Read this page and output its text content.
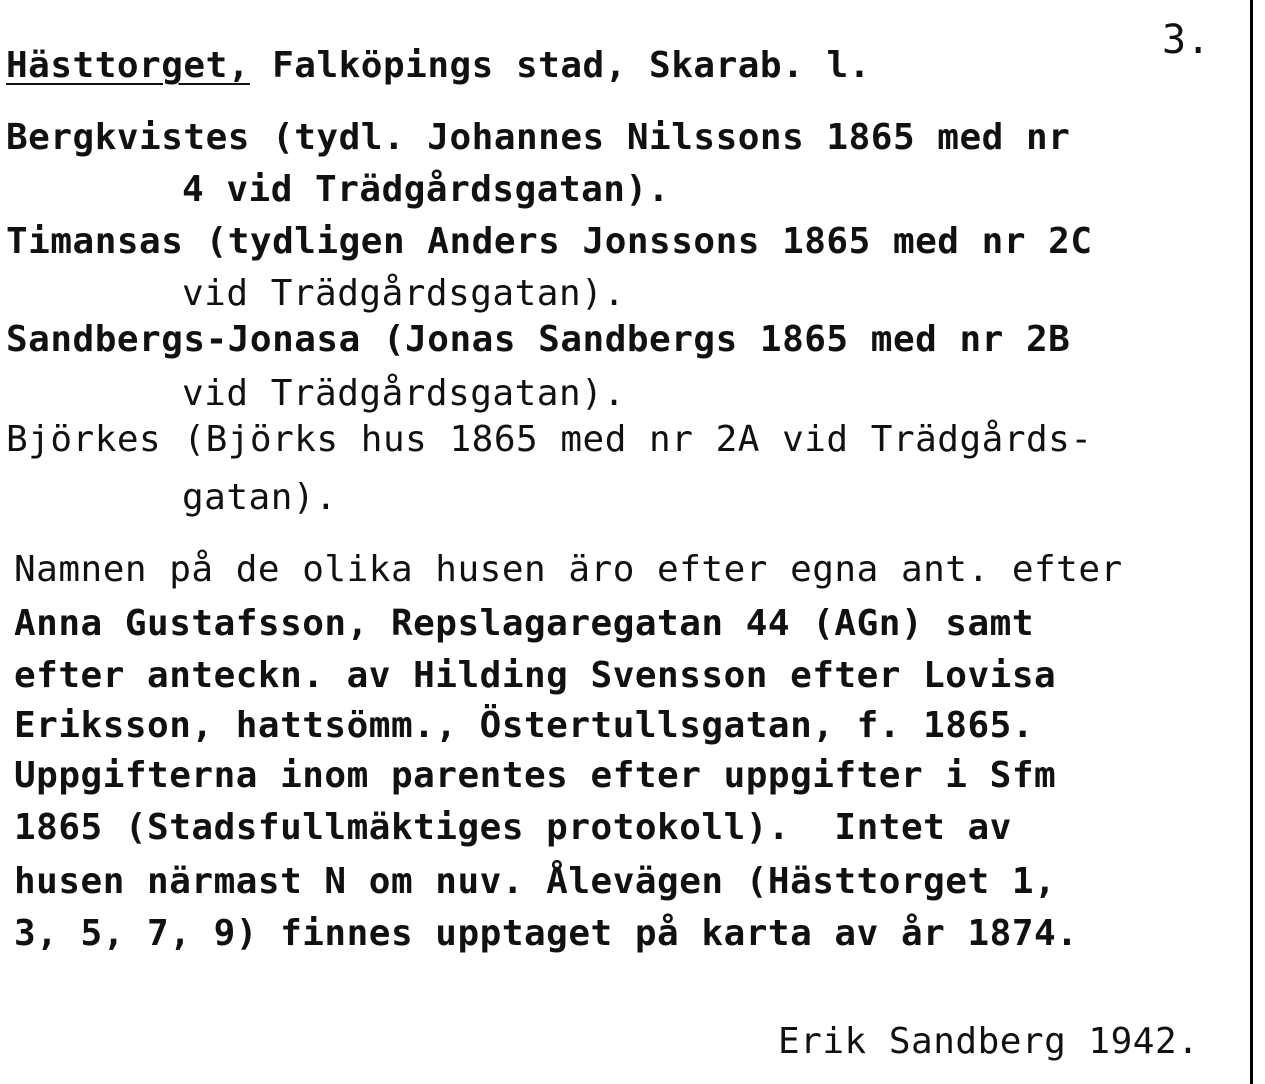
3.
Hästtorget, Falköpings stad, Skarab. l.
Bergkvistes (tydl. Johannes Nilssons 1865 med nr
4 vid Trädgårdsgatan).
Timansas (tydligen Anders Jonssons 1865 med nr 2C
vid Trädgårdsgatan).
Sandbergs-Jonasa (Jonas Sandbergs 1865 med nr 2B
vid Trädgårdsgatan).
Björkes (Björks hus 1865 med nr 2A vid Trädgårds-
gatan).
Namnen på de olika husen äro efter egna ant. efter
Anna Gustafsson, Repslagaregatan 44 (AGn) samt
efter anteckn. av Hilding Svensson efter Lovisa
Eriksson, hattsömm., Östertullsgatan, f. 1865.
Uppgifterna inom parentes efter uppgifter i Sfm
1865 (Stadsfullmäktiges protokoll).  Intet av
husen närmast N om nuv. Ålevägen (Hästtorget 1,
3, 5, 7, 9) finnes upptaget på karta av år 1874.
Erik Sandberg 1942.
